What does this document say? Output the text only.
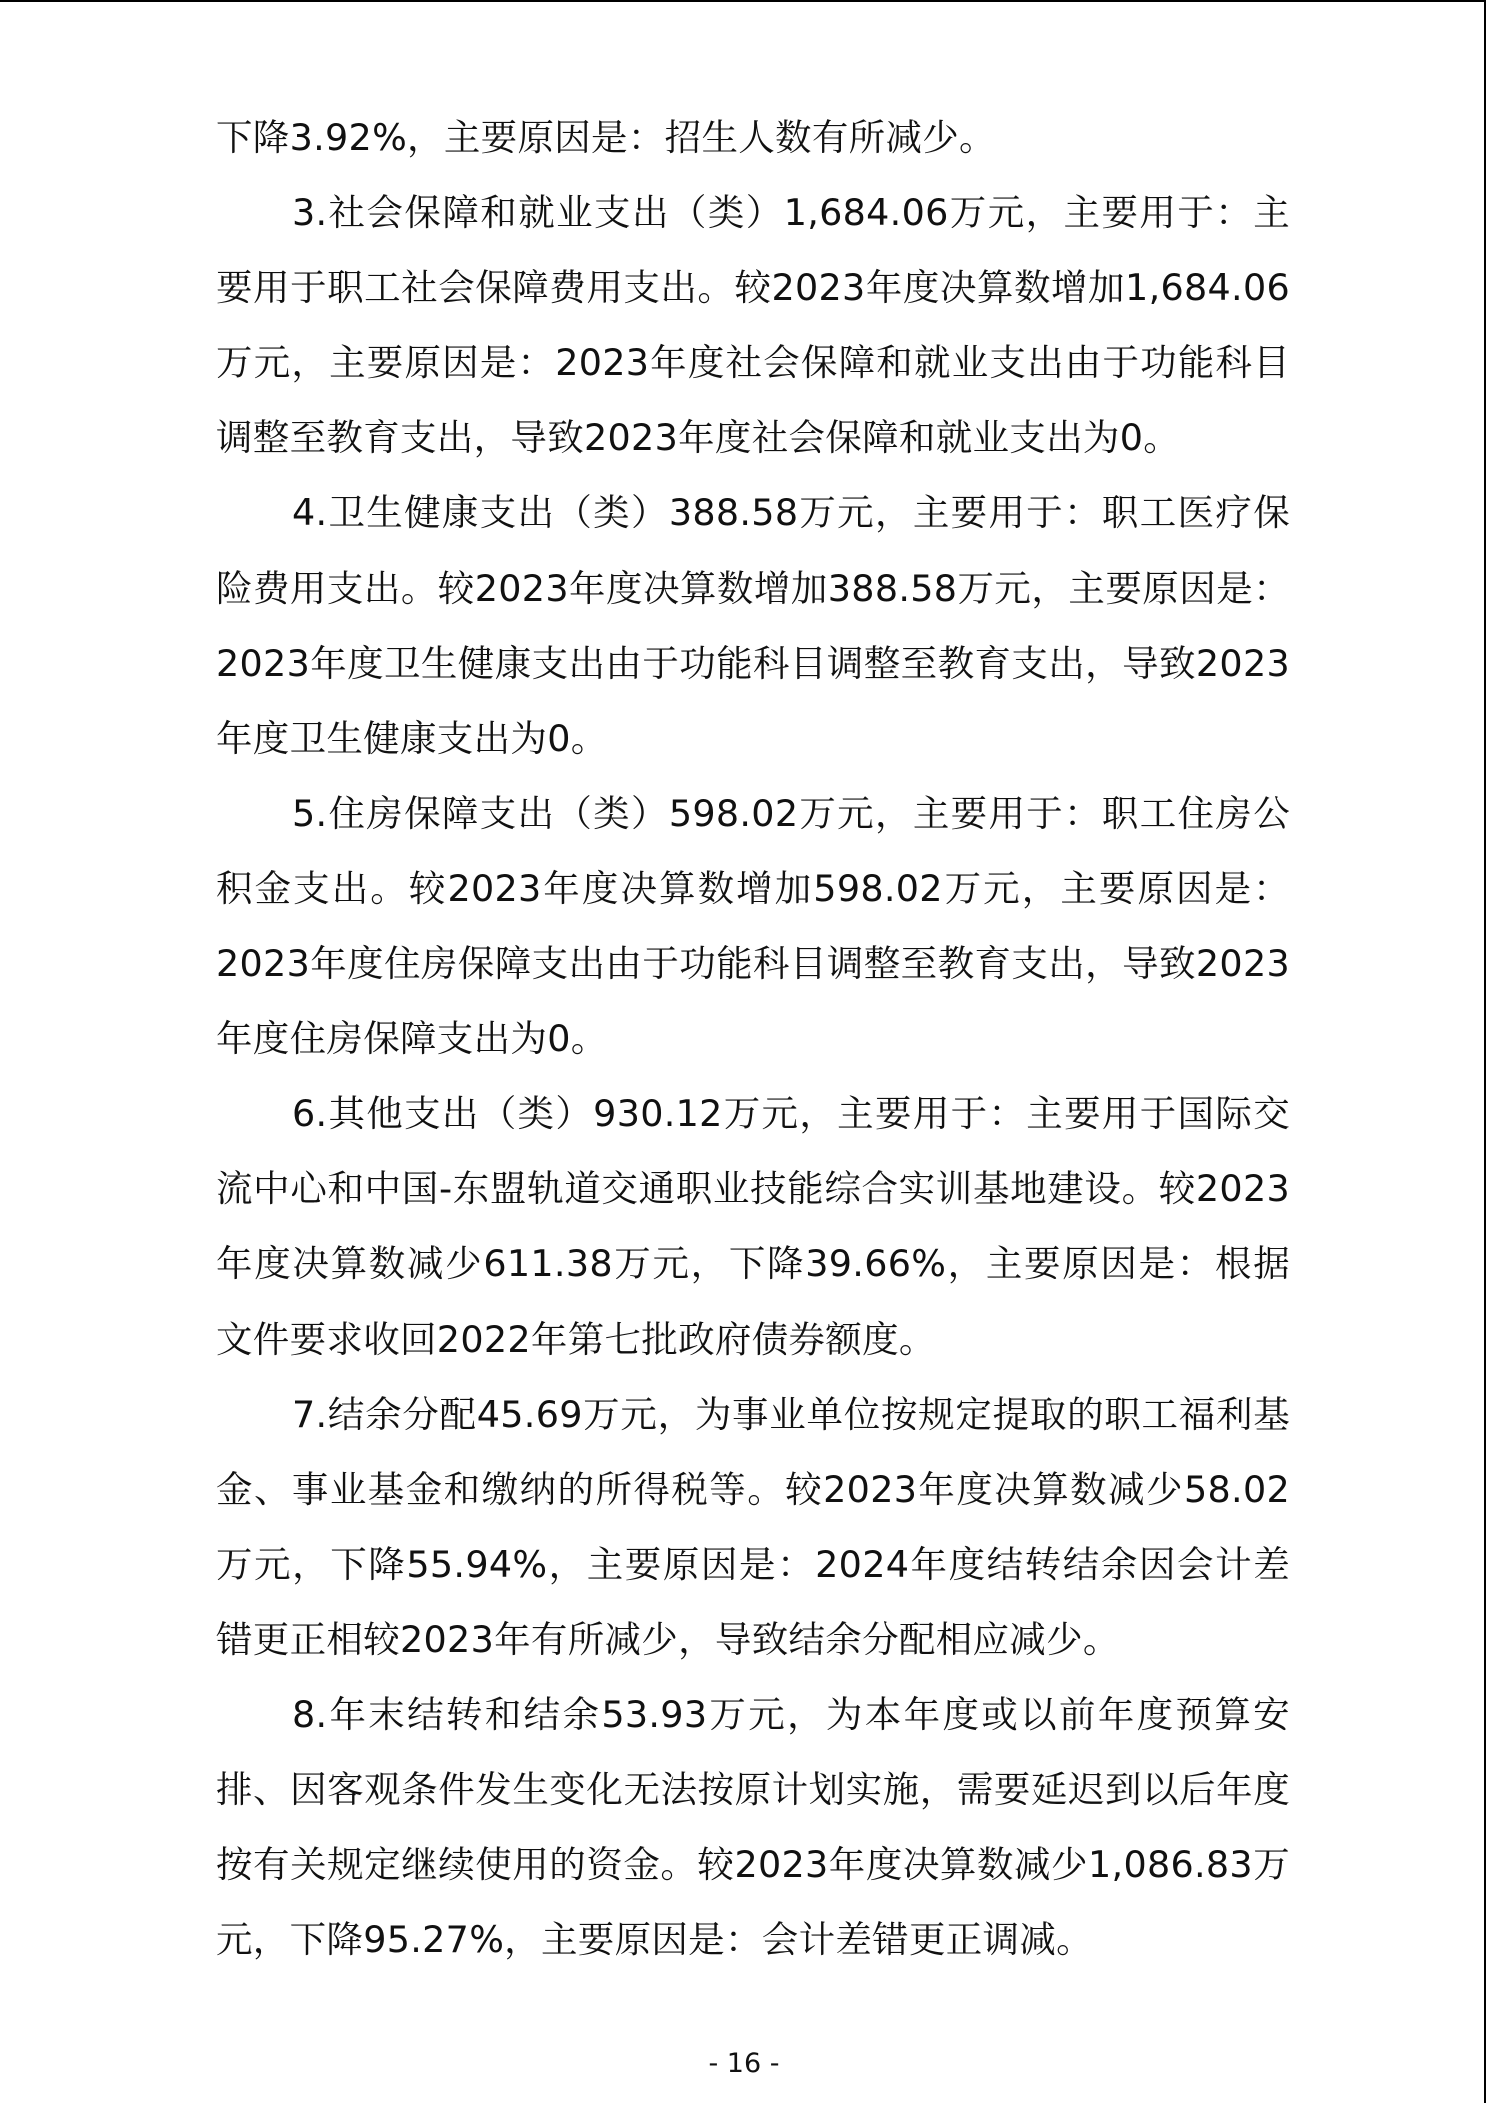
下降3.92%，主要原因是：招生人数有所减少。

3.社会保障和就业支出（类）1,684.06万元，主要用于：主要用于职工社会保障费用支出。较2023年度决算数增加1,684.06万元，主要原因是：2023年度社会保障和就业支出由于功能科目调整至教育支出，导致2023年度社会保障和就业支出为0。

4.卫生健康支出（类）388.58万元，主要用于：职工医疗保险费用支出。较2023年度决算数增加388.58万元，主要原因是：2023年度卫生健康支出由于功能科目调整至教育支出，导致2023年度卫生健康支出为0。

5.住房保障支出（类）598.02万元，主要用于：职工住房公积金支出。较2023年度决算数增加598.02万元，主要原因是：2023年度住房保障支出由于功能科目调整至教育支出，导致2023年度住房保障支出为0。

6.其他支出（类）930.12万元，主要用于：主要用于国际交流中心和中国-东盟轨道交通职业技能综合实训基地建设。较2023年度决算数减少611.38万元，下降39.66%，主要原因是：根据文件要求收回2022年第七批政府债券额度。

7.结余分配45.69万元，为事业单位按规定提取的职工福利基金、事业基金和缴纳的所得税等。较2023年度决算数减少58.02万元，下降55.94%，主要原因是：2024年度结转结余因会计差错更正相较2023年有所减少，导致结余分配相应减少。

8.年末结转和结余53.93万元，为本年度或以前年度预算安排、因客观条件发生变化无法按原计划实施，需要延迟到以后年度按有关规定继续使用的资金。较2023年度决算数减少1,086.83万元，下降95.27%，主要原因是：会计差错更正调减。

- 16 -
